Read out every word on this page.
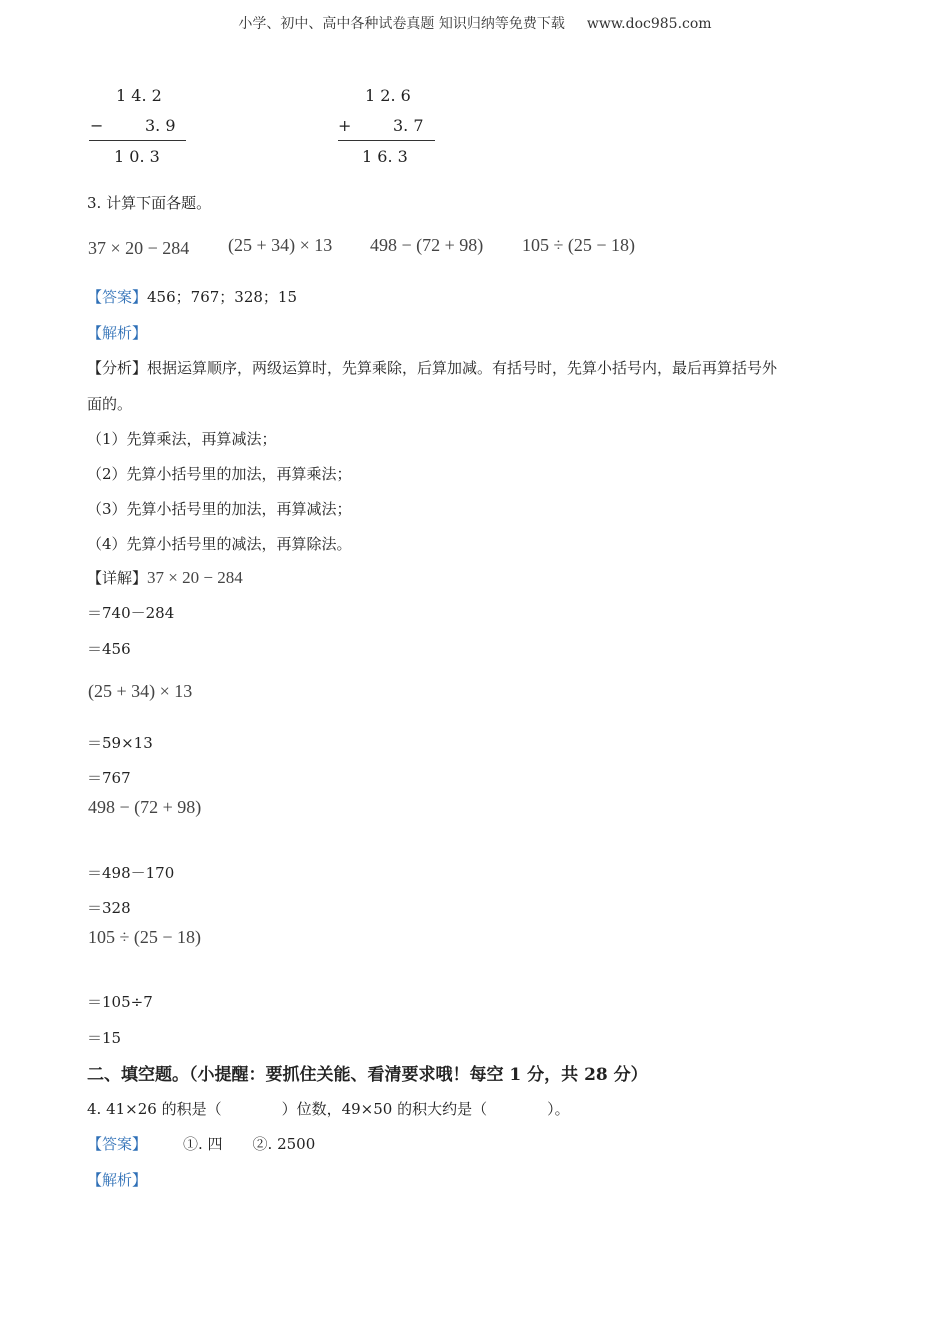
小学、初中、高中各种试卷真题 知识归纳等免费下载 www.doc985.com
1 4. 2
−	3. 9
1 0. 3
1 2. 6
+	3. 7
1 6. 3
3. 计算下面各题。
37 × 20 − 284 (25 + 34) × 13 498 − (72 + 98) 105 ÷ (25 − 18)
【答案】456；767；328；15
【解析】
【分析】根据运算顺序，两级运算时，先算乘除，后算加减。有括号时，先算小括号内，最后再算括号外
面的。
（1）先算乘法，再算减法；
（2）先算小括号里的加法，再算乘法；
（3）先算小括号里的加法，再算减法；
（4）先算小括号里的减法，再算除法。
【详解】37 × 20 − 284
＝740－284
＝456
(25 + 34) × 13
＝59×13
＝767
498 − (72 + 98)
＝498－170
＝328
105 ÷ (25 − 18)
＝105÷7
＝15
二、填空题。（小提醒：要抓住关能、看清要求哦！每空 1 分，共 28 分）
4. 41×26 的积是（　　　　）位数，49×50 的积大约是（　　　　）。
【答案】 ①. 四　　②. 2500
【解析】
